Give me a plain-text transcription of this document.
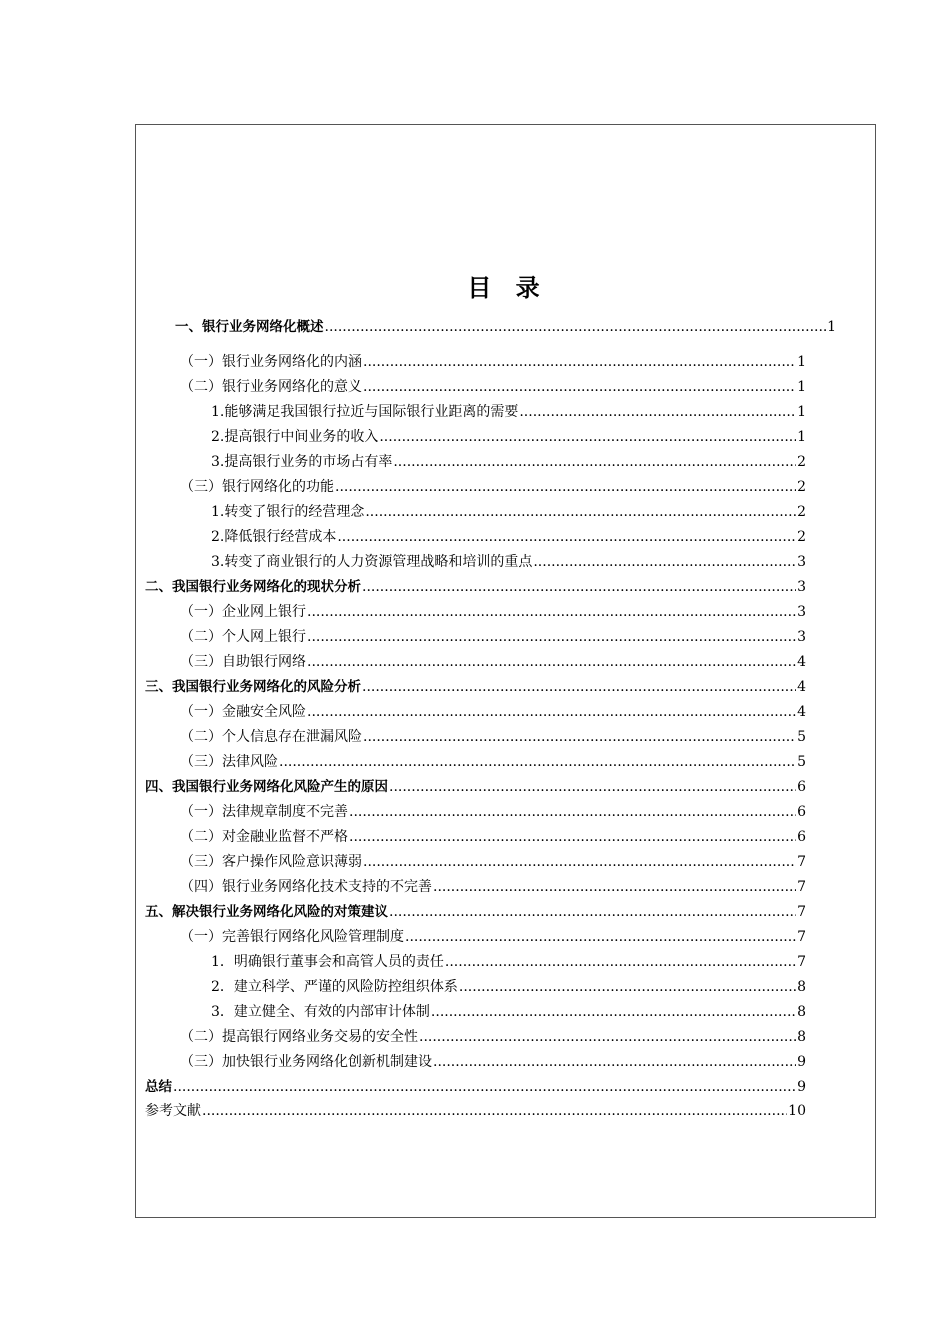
目 录
一、银行业务网络化概述 .....	1
（一）银行业务网络化的内涵 .....	1
（二）银行业务网络化的意义 .....	1
1.能够满足我国银行拉近与国际银行业距离的需要 .....	1
2.提高银行中间业务的收入 .....	1
3.提高银行业务的市场占有率 .....	2
（三）银行网络化的功能 .....	2
1.转变了银行的经营理念 .....	2
2.降低银行经营成本 .....	2
3.转变了商业银行的人力资源管理战略和培训的重点 .....	3
二、我国银行业务网络化的现状分析 .....	3
（一）企业网上银行 .....	3
（二）个人网上银行 .....	3
（三）自助银行网络 .....	4
三、我国银行业务网络化的风险分析 .....	4
（一）金融安全风险 .....	4
（二）个人信息存在泄漏风险 .....	5
（三）法律风险 .....	5
四、我国银行业务网络化风险产生的原因 .....	6
（一）法律规章制度不完善 .....	6
（二）对金融业监督不严格 .....	6
（三）客户操作风险意识薄弱 .....	7
（四）银行业务网络化技术支持的不完善 .....	7
五、解决银行业务网络化风险的对策建议 .....	7
（一）完善银行网络化风险管理制度 .....	7
1．明确银行董事会和高管人员的责任 .....	7
2．建立科学、严谨的风险防控组织体系 .....	8
3．建立健全、有效的内部审计体制 .....	8
（二）提高银行网络业务交易的安全性 .....	8
（三）加快银行业务网络化创新机制建设 .....	9
总结 .....	9
参考文献 .....	10
